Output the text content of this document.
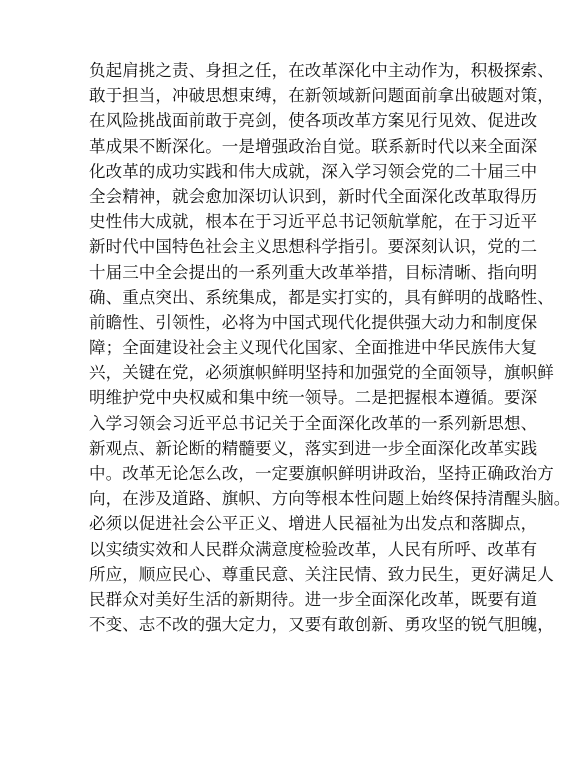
负起肩挑之责、身担之任，在改革深化中主动作为，积极探索、
敢于担当，冲破思想束缚，在新领域新问题面前拿出破题对策，
在风险挑战面前敢于亮剑，使各项改革方案见行见效、促进改
革成果不断深化。一是增强政治自觉。联系新时代以来全面深
化改革的成功实践和伟大成就，深入学习领会党的二十届三中
全会精神，就会愈加深切认识到，新时代全面深化改革取得历
史性伟大成就，根本在于习近平总书记领航掌舵，在于习近平
新时代中国特色社会主义思想科学指引。要深刻认识，党的二
十届三中全会提出的一系列重大改革举措，目标清晰、指向明
确、重点突出、系统集成，都是实打实的，具有鲜明的战略性、
前瞻性、引领性，必将为中国式现代化提供强大动力和制度保
障；全面建设社会主义现代化国家、全面推进中华民族伟大复
兴，关键在党，必须旗帜鲜明坚持和加强党的全面领导，旗帜鲜
明维护党中央权威和集中统一领导。二是把握根本遵循。要深
入学习领会习近平总书记关于全面深化改革的一系列新思想、
新观点、新论断的精髓要义，落实到进一步全面深化改革实践
中。改革无论怎么改，一定要旗帜鲜明讲政治，坚持正确政治方
向，在涉及道路、旗帜、方向等根本性问题上始终保持清醒头脑。
必须以促进社会公平正义、增进人民福祉为出发点和落脚点，
以实绩实效和人民群众满意度检验改革，人民有所呼、改革有
所应，顺应民心、尊重民意、关注民情、致力民生，更好满足人
民群众对美好生活的新期待。进一步全面深化改革，既要有道
不变、志不改的强大定力，又要有敢创新、勇攻坚的锐气胆魄，
